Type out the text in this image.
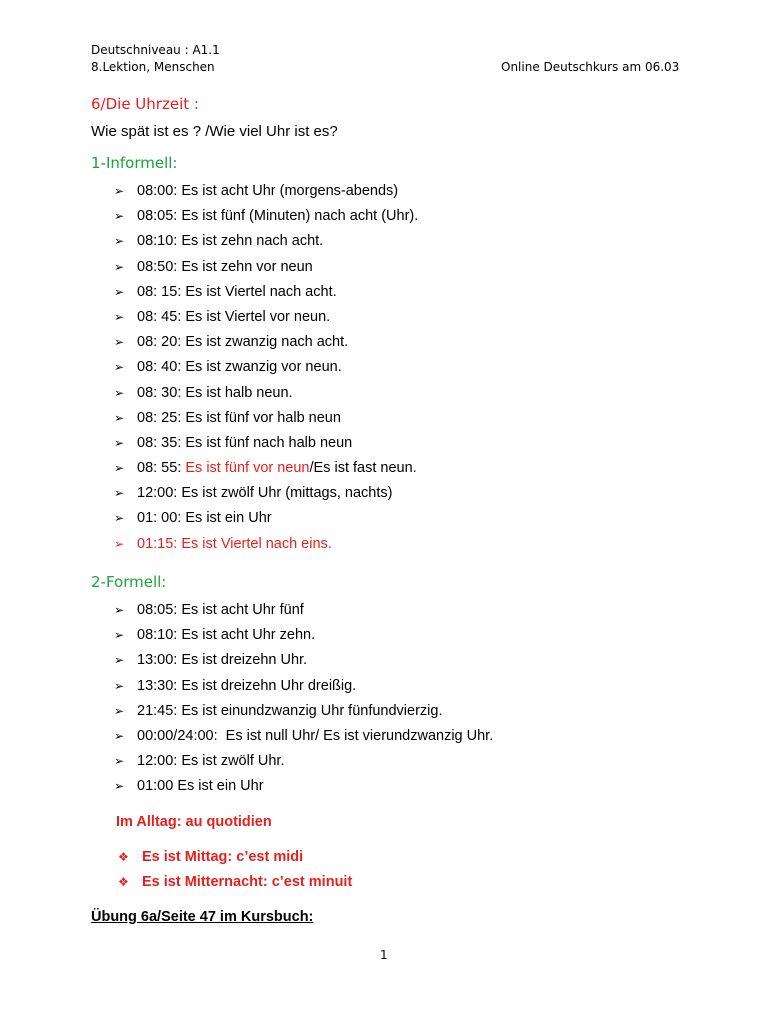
Deutschniveau : A1.1
8.Lektion, Menschen	Online Deutschkurs am 06.03
6/Die Uhrzeit :
Wie spät ist es ? /Wie viel Uhr ist es?
1-Informell:
➢ 08:00: Es ist acht Uhr (morgens-abends)
➢ 08:05: Es ist fünf (Minuten) nach acht (Uhr).
➢ 08:10: Es ist zehn nach acht.
➢ 08:50: Es ist zehn vor neun
➢ 08: 15: Es ist Viertel nach acht.
➢ 08: 45: Es ist Viertel vor neun.
➢ 08: 20: Es ist zwanzig nach acht.
➢ 08: 40: Es ist zwanzig vor neun.
➢ 08: 30: Es ist halb neun.
➢ 08: 25: Es ist fünf vor halb neun
➢ 08: 35: Es ist fünf nach halb neun
➢ 08: 55: Es ist fünf vor neun/Es ist fast neun.
➢ 12:00: Es ist zwölf Uhr (mittags, nachts)
➢ 01: 00: Es ist ein Uhr
➢ 01:15: Es ist Viertel nach eins.
2-Formell:
➢ 08:05: Es ist acht Uhr fünf
➢ 08:10: Es ist acht Uhr zehn.
➢ 13:00: Es ist dreizehn Uhr.
➢ 13:30: Es ist dreizehn Uhr dreißig.
➢ 21:45: Es ist einundzwanzig Uhr fünfundvierzig.
➢ 00:00/24:00:  Es ist null Uhr/ Es ist vierundzwanzig Uhr.
➢ 12:00: Es ist zwölf Uhr.
➢ 01:00 Es ist ein Uhr
Im Alltag: au quotidien
❖ Es ist Mittag: c’est midi
❖ Es ist Mitternacht: c’est minuit
Übung 6a/Seite 47 im Kursbuch:
1
